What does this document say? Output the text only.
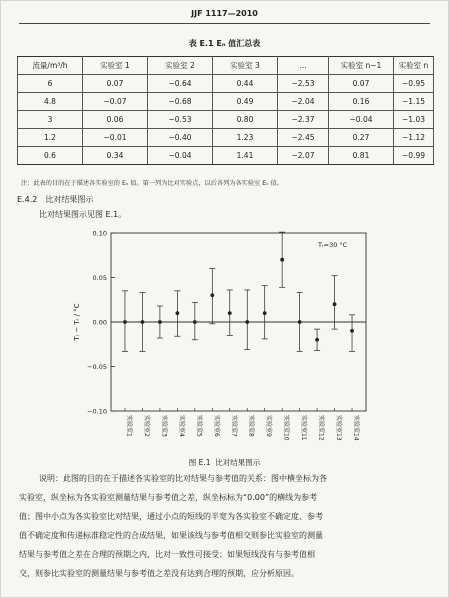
JJF 1117—2010
表 E.1 Eₙ 值汇总表
流量/m³/h	实验室 1	实验室 2	实验室 3	…	实验室 n−1	实验室 n
6	0.07	−0.64	0.44	−2.53	0.07	−0.95
4.8	−0.07	−0.68	0.49	−2.04	0.16	−1.15
3	0.06	−0.53	0.80	−2.37	−0.04	−1.03
1.2	−0.01	−0.40	1.23	−2.45	0.27	−1.12
0.6	0.34	−0.04	1.41	−2.07	0.81	−0.99
注：此表的目的在于描述各实验室的 Eₙ 值。第一列为比对实验点，以后各列为各实验室 Eₙ 值。
E.4.2 比对结果图示
比对结果图示见图 E.1。
0.10
0.05
0.00
−0.05
−0.10
Tᵢ − Tᵣ / °C
Tᵣ=30 °C
实验室1 实验室2 实验室3 实验室4 实验室5 实验室6 实验室7 实验室8 实验室9 实验室10 实验室11 实验室12 实验室13 实验室14
图 E.1 比对结果图示
说明：此图的目的在于描述各实验室的比对结果与参考值的关系：图中横坐标为各
实验室，纵坐标为各实验室测量结果与参考值之差，纵坐标标为“0.00”的横线为参考
值；图中小点为各实验室比对结果，通过小点的短线的半宽为各实验室不确定度、参考
值不确定度和传递标准稳定性的合成结果，如果该线与参考值相交则参比实验室的测量
结果与参考值之差在合理的预期之内，比对一致性可接受；如果短线没有与参考值相
交，则参比实验室的测量结果与参考值之差没有达到合理的预期，应分析原因。
